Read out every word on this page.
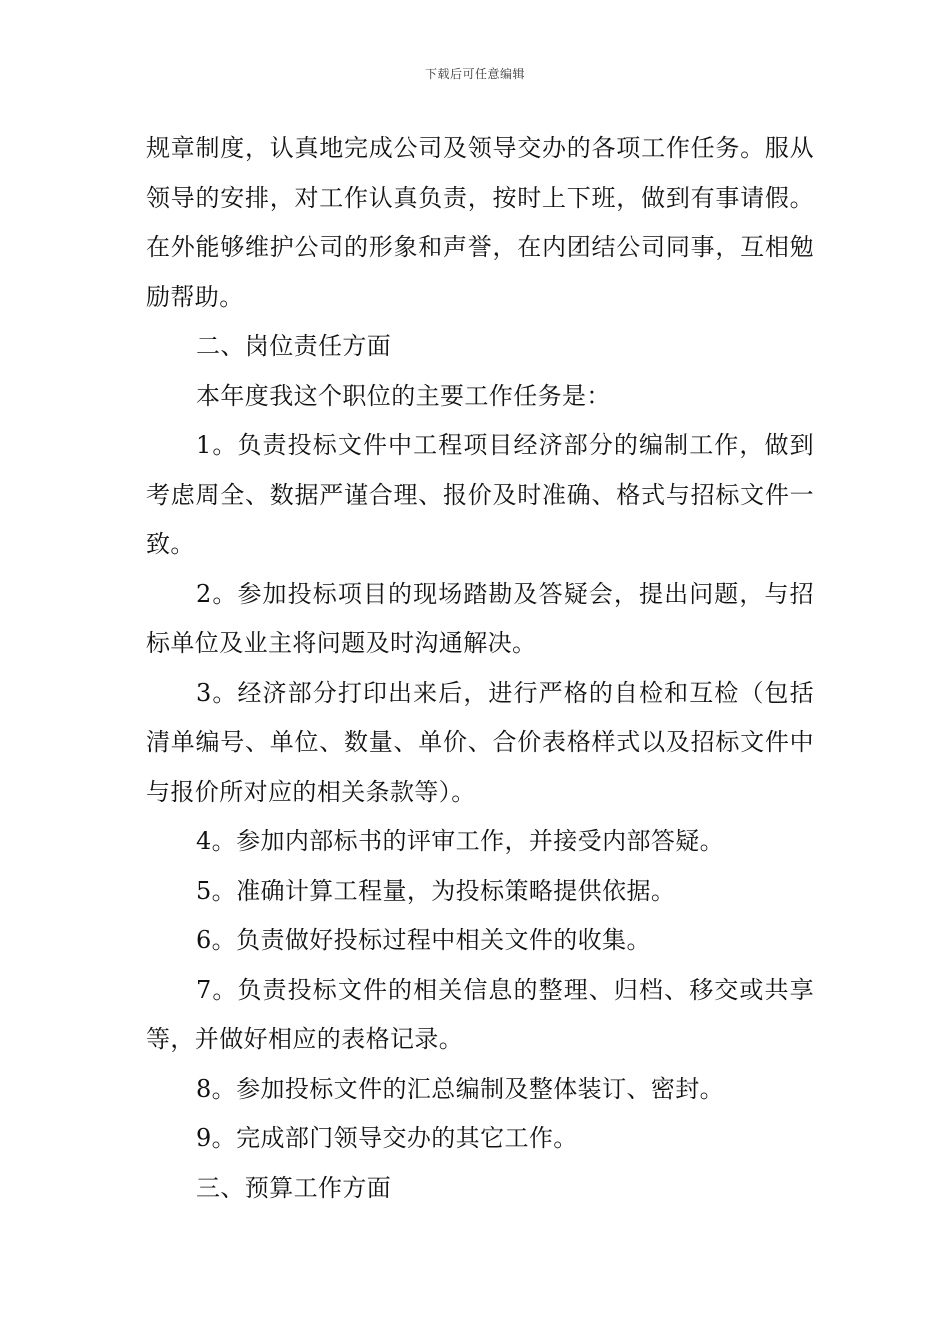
下载后可任意编辑

规章制度，认真地完成公司及领导交办的各项工作任务。服从领导的安排，对工作认真负责，按时上下班，做到有事请假。在外能够维护公司的形象和声誉，在内团结公司同事，互相勉励帮助。

二、岗位责任方面

本年度我这个职位的主要工作任务是：

1。负责投标文件中工程项目经济部分的编制工作，做到考虑周全、数据严谨合理、报价及时准确、格式与招标文件一致。

2。参加投标项目的现场踏勘及答疑会，提出问题，与招标单位及业主将问题及时沟通解决。

3。经济部分打印出来后，进行严格的自检和互检（包括清单编号、单位、数量、单价、合价表格样式以及招标文件中与报价所对应的相关条款等）。

4。参加内部标书的评审工作，并接受内部答疑。

5。准确计算工程量，为投标策略提供依据。

6。负责做好投标过程中相关文件的收集。

7。负责投标文件的相关信息的整理、归档、移交或共享等，并做好相应的表格记录。

8。参加投标文件的汇总编制及整体装订、密封。

9。完成部门领导交办的其它工作。

三、预算工作方面
